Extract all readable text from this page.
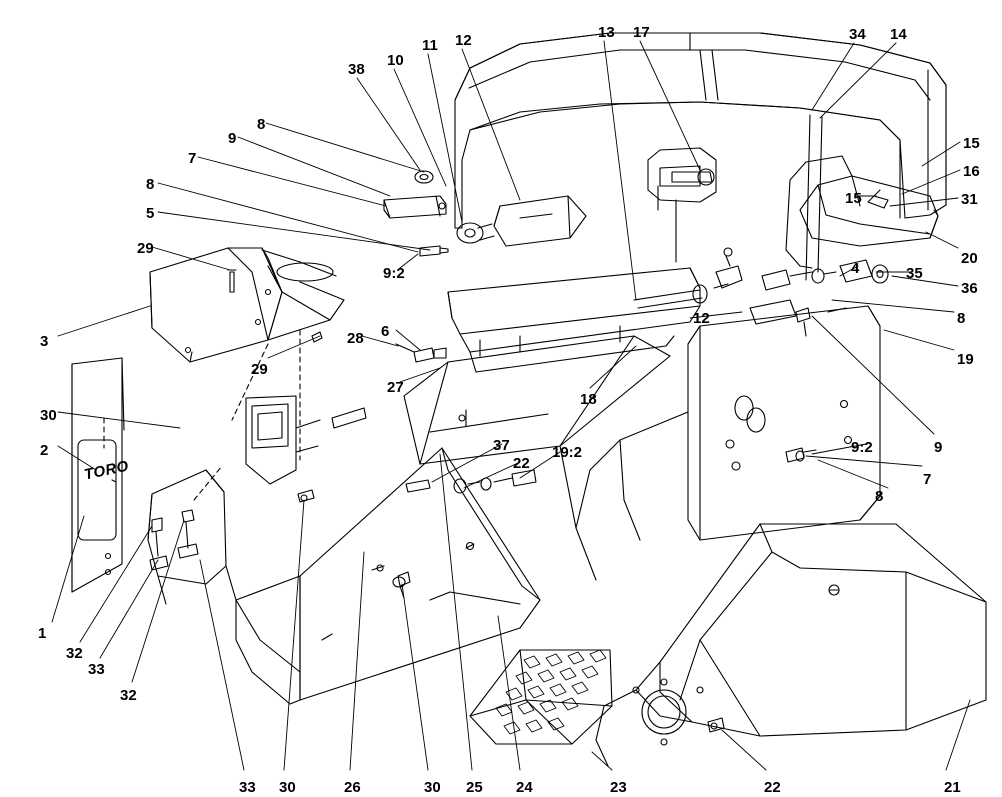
TORO
38
10
11 12	13 17	34 14
9
8
7
8
5
29
15
16
31
15
20
4	35
36
8
19
9:2
3
29
28 6
12
27
18
9:2	9
7
8
30
2	37
22
19:2
1
32
33
32
33 30	26	30 25 24	23	22	21
